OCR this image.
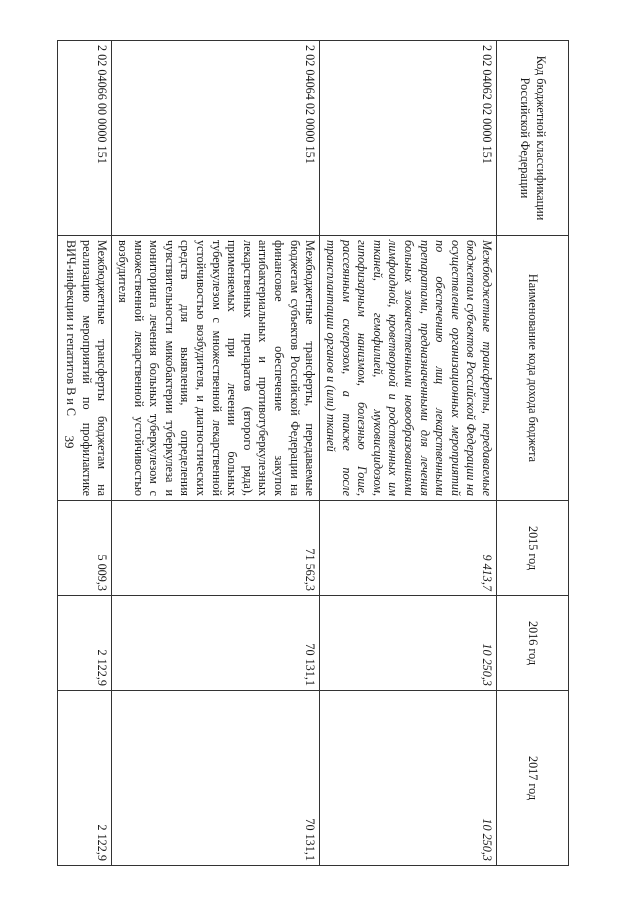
39
Код бюджетной классификации Российской Федерации	Наименование кода дохода бюджета	2015 год	2016 год	2017 год
2 02 04062 02 0000 151	Межбюджетные трансферты, передаваемые бюджетам субъектов Российской Федерации на осуществление организационных мероприятий по обеспечению лиц лекарственными препаратами, предназначенными для лечения больных злокачественными новообразованиями лимфоидной, кроветворной и родственных им тканей, гемофилией, муковисцидозом, гипофизарным нанизмом, болезнью Гоше, рассеянным склерозом, а также после трансплантации органов и (или) тканей	9 413,7	10 250,3	10 250,3
2 02 04064 02 0000 151	Межбюджетные трансферты, передаваемые бюджетам субъектов Российской Федерации на финансовое обеспечение закупок антибактериальных и противотуберкулезных лекарственных препаратов (второго ряда), применяемых при лечении больных туберкулезом с множественной лекарственной устойчивостью возбудителя, и диагностических средств для выявления, определения чувствительности микобактерии туберкулеза и мониторинга лечения больных туберкулезом с множественной лекарственной устойчивостью возбудителя	71 562,3	70 131,1	70 131,1
2 02 04066 00 0000 151	Межбюджетные трансферты бюджетам на реализацию мероприятий по профилактике ВИЧ-инфекции и гепатитов В и С	5 009,3	2 122,9	2 122,9
